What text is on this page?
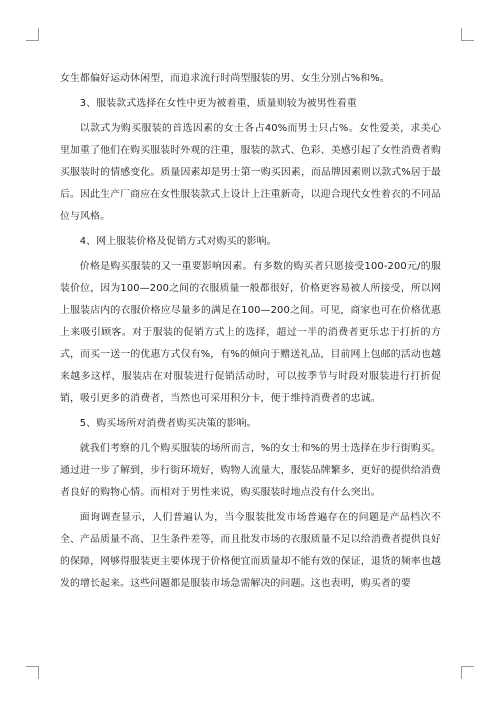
女生都偏好运动休闲型，而追求流行时尚型服装的男、女生分别占%和%。

3、服装款式选择在女性中更为被着重，质量则较为被男性看重

以款式为购买服装的首选因素的女士各占40%而男士只占%。女性爱美，求美心里加重了他们在购买服装时外观的注重，服装的款式、色彩、美感引起了女性消费者购买服装时的情感变化。质量因素却是男士第一购买因素，而品牌因素则以款式%居于最后。因此生产厂商应在女性服装款式上设计上注重新奇，以迎合现代女性着衣的不同品位与风格。

4、网上服装价格及促销方式对购买的影响。

价格是购买服装的又一重要影响因素。有多数的购买者只愿接受100-200元/的服装价位，因为100—200之间的衣服质量一般都很好，价格更容易被人所接受，所以网上服装店内的衣服价格应尽量多的满足在100—200之间。可见，商家也可在价格优惠上来吸引顾客。对于服装的促销方式上的选择，超过一半的消费者更乐忠于打折的方式，而买一送一的优惠方式仅有%，有%的倾向于赠送礼品，目前网上包邮的活动也越来越多这样，服装店在对服装进行促销活动时，可以按季节与时段对服装进行打折促销，吸引更多的消费者，当然也可采用积分卡，便于维持消费者的忠诚。

5、购买场所对消费者购买决策的影响。

就我们考察的几个购买服装的场所而言，%的女士和%的男士选择在步行街购买。通过进一步了解到，步行街环境好，购物人流量大，服装品牌繁多，更好的提供给消费者良好的购物心情。而相对于男性来说，购买服装时地点没有什么突出。

面询调查显示，人们普遍认为，当今服装批发市场普遍存在的问题是产品档次不全、产品质量不高、卫生条件差等，而且批发市场的衣服质量不足以给消费者提供良好的保障，网够得服装更主要体现于价格便宜而质量却不能有效的保证，退货的频率也越发的增长起来。这些问题都是服装市场急需解决的问题。这也表明，购买者的要
